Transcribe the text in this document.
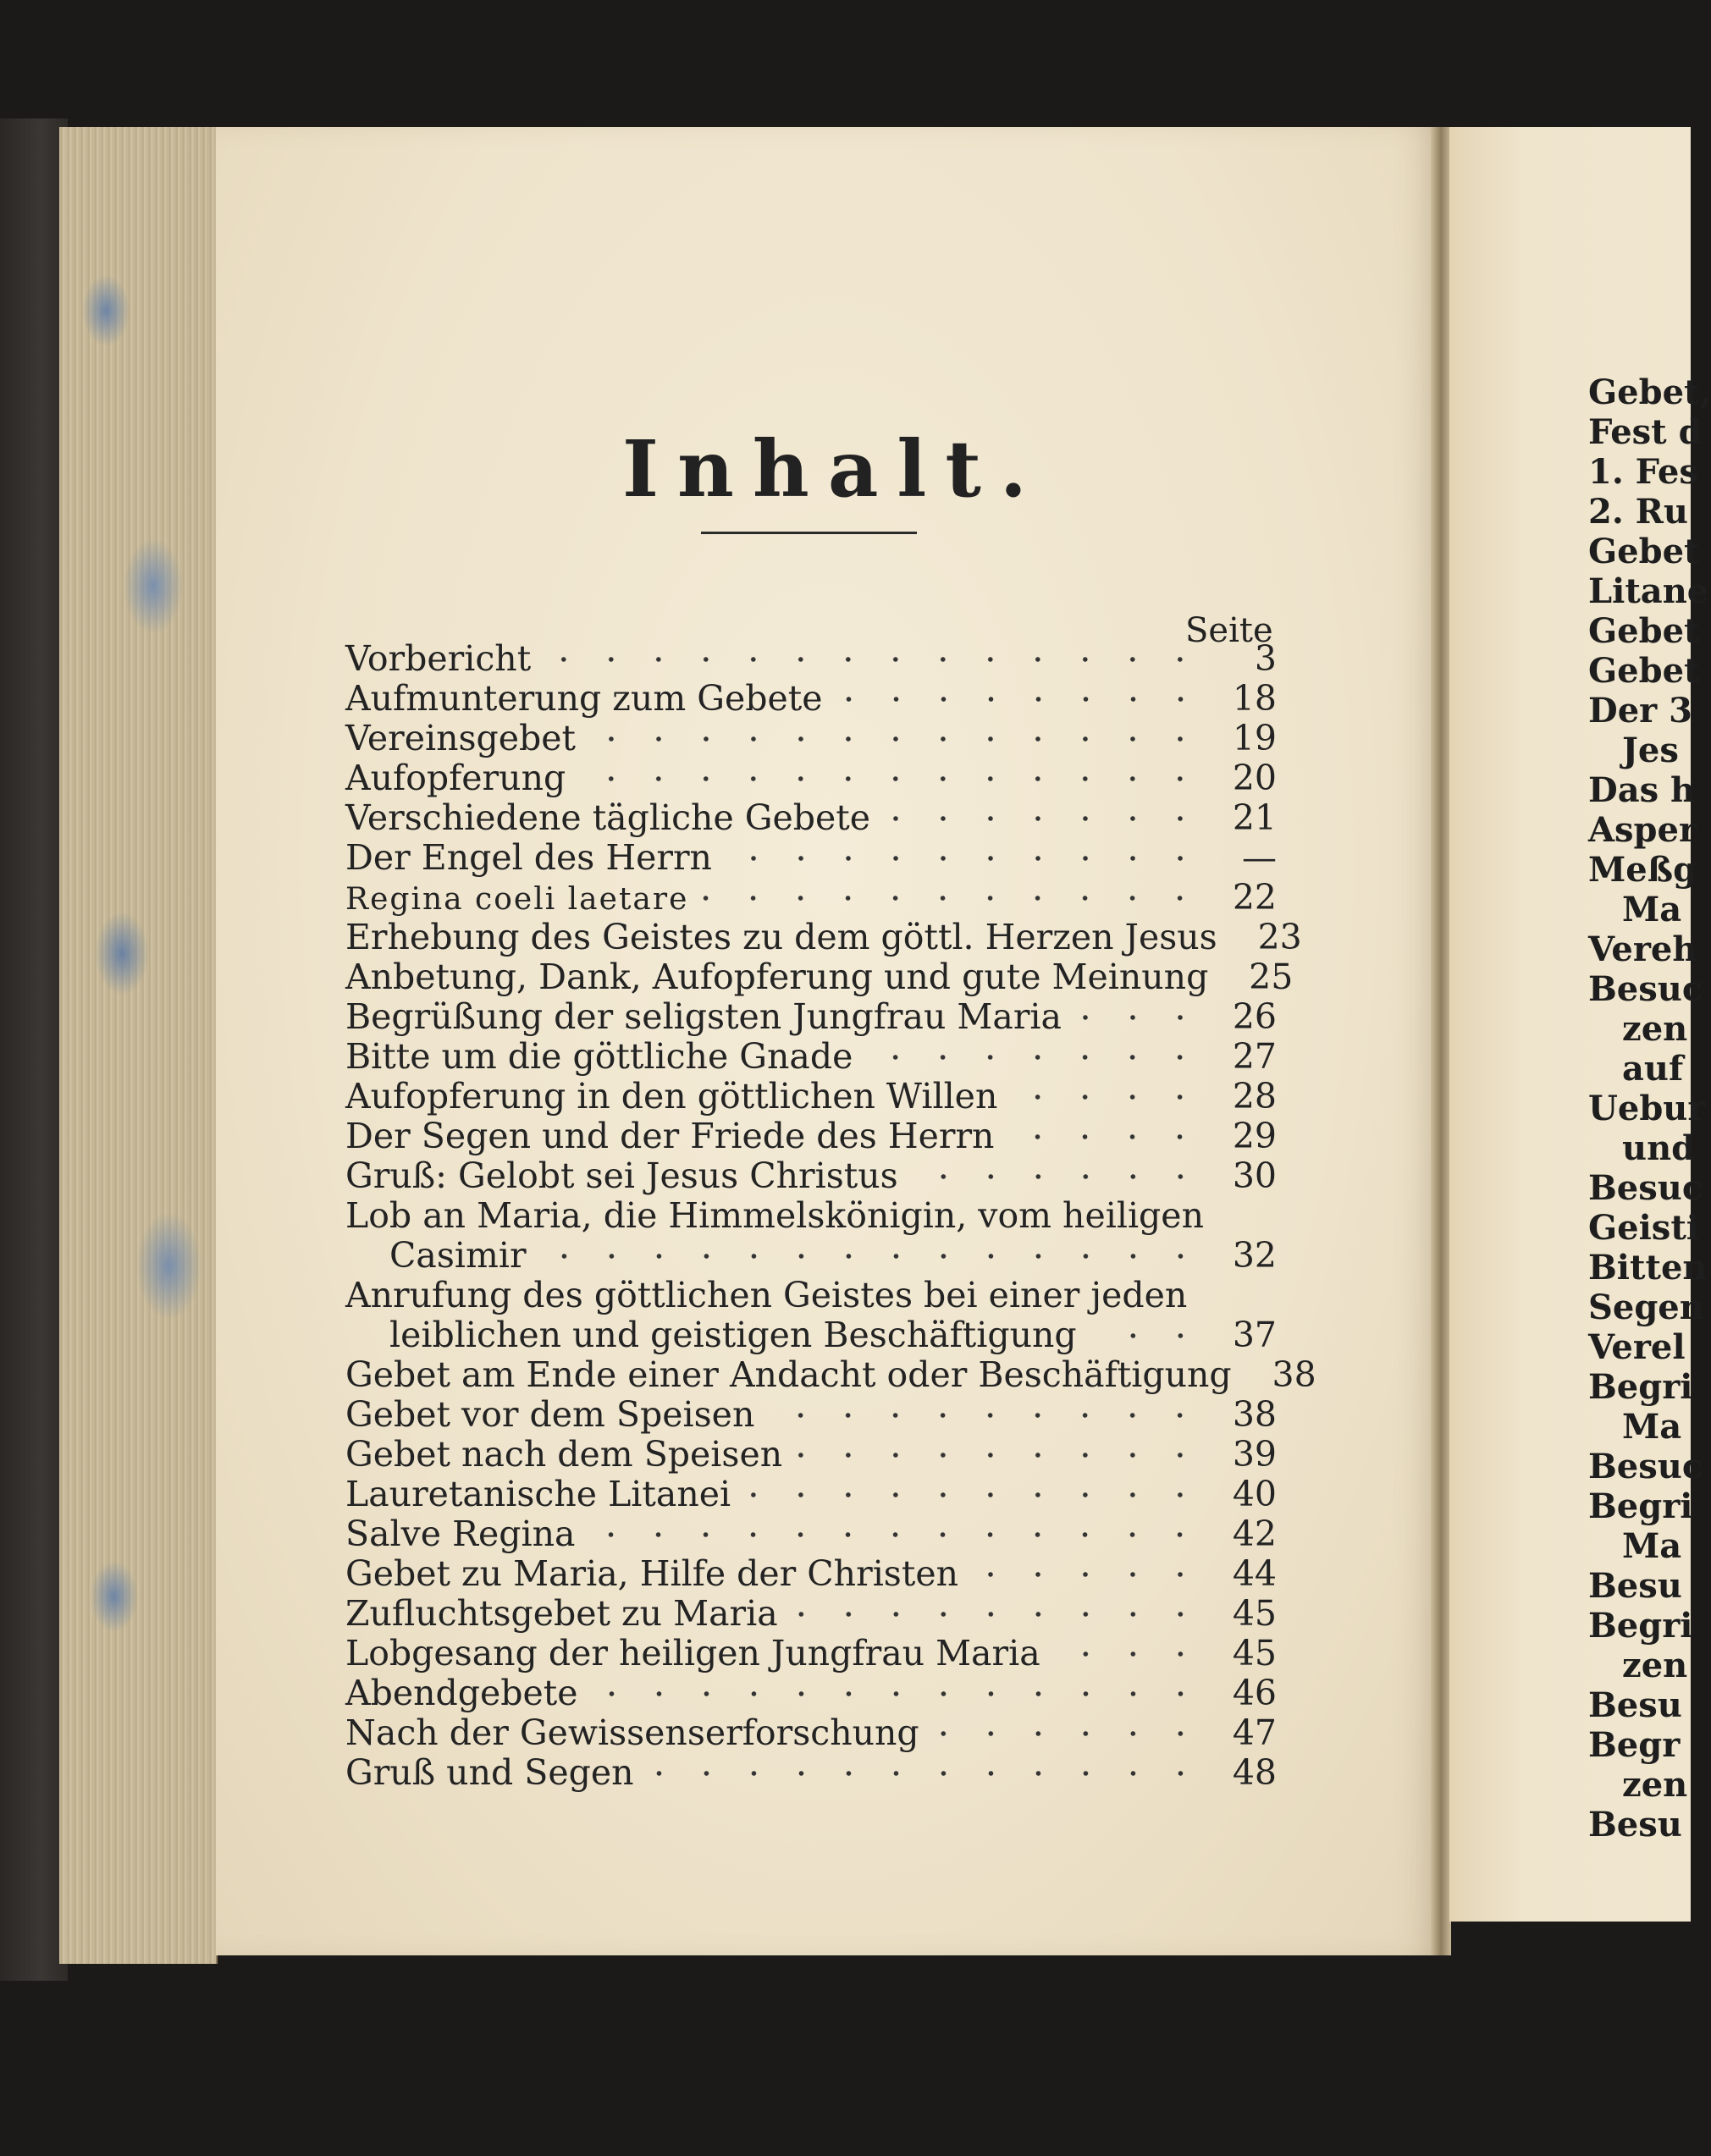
Inhalt.
Seite
Vorbericht	3
Aufmunterung zum Gebete	18
Vereinsgebet	19
Aufopferung	20
Verschiedene tägliche Gebete	21
Der Engel des Herrn	—
Regina coeli laetare	22
Erhebung des Geistes zu dem göttl. Herzen Jesus	23
Anbetung, Dank, Aufopferung und gute Meinung	25
Begrüßung der seligsten Jungfrau Maria	26
Bitte um die göttliche Gnade	27
Aufopferung in den göttlichen Willen	28
Der Segen und der Friede des Herrn	29
Gruß: Gelobt sei Jesus Christus	30
Lob an Maria, die Himmelskönigin, vom heiligen
Casimir	32
Anrufung des göttlichen Geistes bei einer jeden
leiblichen und geistigen Beschäftigung	37
Gebet am Ende einer Andacht oder Beschäftigung	38
Gebet vor dem Speisen	38
Gebet nach dem Speisen	39
Lauretanische Litanei	40
Salve Regina	42
Gebet zu Maria, Hilfe der Christen	44
Zufluchtsgebet zu Maria	45
Lobgesang der heiligen Jungfrau Maria	45
Abendgebete	46
Nach der Gewissenserforschung	47
Gruß und Segen	48
Gebet,
Fest d
1. Fes
2. Ru
Gebet
Litane
Gebet
Gebet
Der 3
Jes
Das h
Asper
Meßg
Ma
Vereh
Besuc
zen
auf
Uebur
und
Besuc
Geisti
Bitten
Segen
Verel
Begri
Ma
Besuc
Begri
Ma
Besu
Begri
zen
Besu
Begr
zen
Besu
